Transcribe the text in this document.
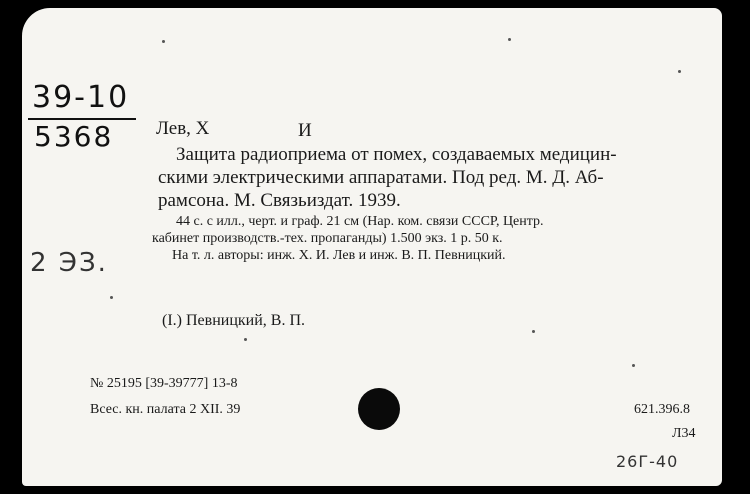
39-10
5368
2 ЭЗ.
Лев, Х	И
Защита радиоприема от помех, создаваемых медицин-
скими электрическими аппаратами. Под ред. М. Д. Аб-
рамсона. М. Связьиздат. 1939.
44 с. с илл., черт. и граф. 21 см (Нар. ком. связи СССР, Центр.
кабинет производств.-тех. пропаганды) 1.500 экз. 1 р. 50 к.
На т. л. авторы: инж. Х. И. Лев и инж. В. П. Певницкий.
(I.) Певницкий, В. П.
№ 25195 [39-39777] 13-8
Всес. кн. палата 2 XII. 39	621.396.8
Л34
26Г-40
